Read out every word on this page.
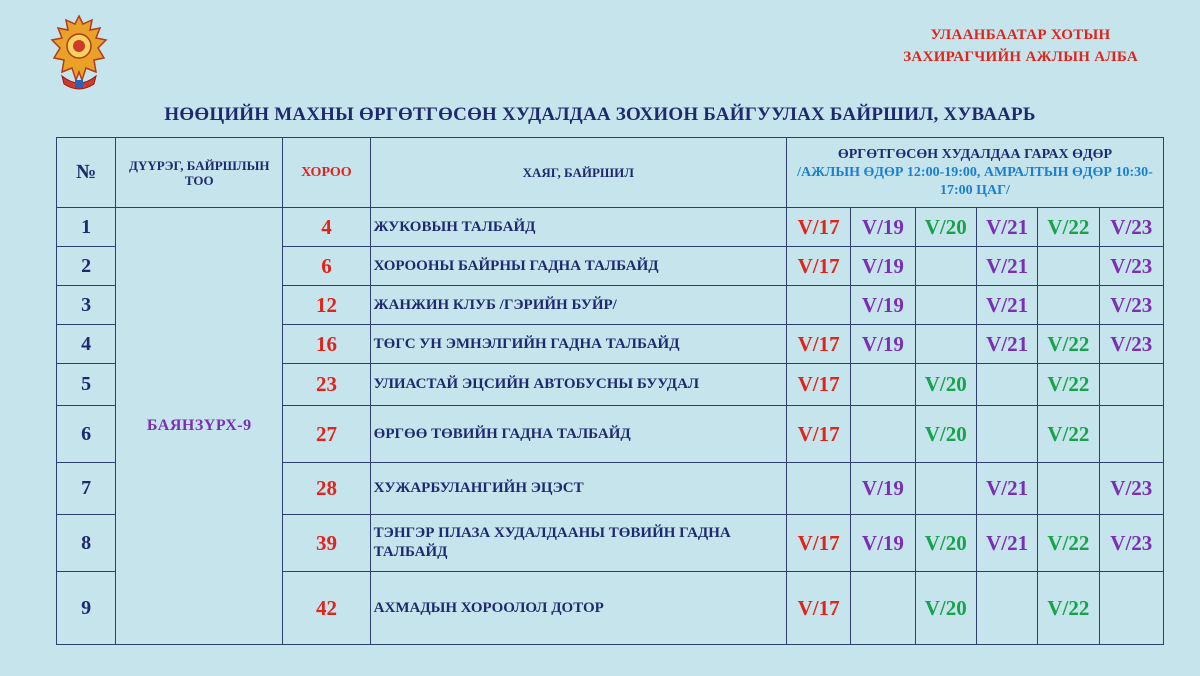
УЛААНБААТАР ХОТЫН
ЗАХИРАГЧИЙН АЖЛЫН АЛБА
НӨӨЦИЙН МАХНЫ ӨРГӨТГӨСӨН ХУДАЛДАА ЗОХИОН БАЙГУУЛАХ БАЙРШИЛ, ХУВААРЬ
№	ДҮҮРЭГ, БАЙРШЛЫН ТОО	ХОРОО	ХАЯГ, БАЙРШИЛ	ӨРГӨТГӨСӨН ХУДАЛДАА ГАРАХ ӨДӨР
/АЖЛЫН ӨДӨР 12:00-19:00, АМРАЛТЫН ӨДӨР 10:30-17:00 ЦАГ/					

1	БАЯНЗҮРХ-9	4	ЖУКОВЫН ТАЛБАЙД	V/17	V/19	V/20	V/21	V/22	V/23
2		6	ХОРООНЫ БАЙРНЫ ГАДНА ТАЛБАЙД	V/17	V/19		V/21		V/23
3		12	ЖАНЖИН КЛУБ /ГЭРИЙН БУЙР/		V/19		V/21		V/23
4		16	ТӨГС УН ЭМНЭЛГИЙН ГАДНА ТАЛБАЙД	V/17	V/19		V/21	V/22	V/23
5		23	УЛИАСТАЙ ЭЦСИЙН АВТОБУСНЫ БУУДАЛ	V/17		V/20		V/22	
6		27	ӨРГӨӨ ТӨВИЙН ГАДНА ТАЛБАЙД	V/17		V/20		V/22	
7		28	ХУЖАРБУЛАНГИЙН ЭЦЭСТ		V/19		V/21		V/23
8		39	ТЭНГЭР ПЛАЗА ХУДАЛДААНЫ ТӨВИЙН ГАДНА ТАЛБАЙД	V/17	V/19	V/20	V/21	V/22	V/23
9		42	АХМАДЫН ХОРООЛОЛ ДОТОР	V/17		V/20		V/22	
